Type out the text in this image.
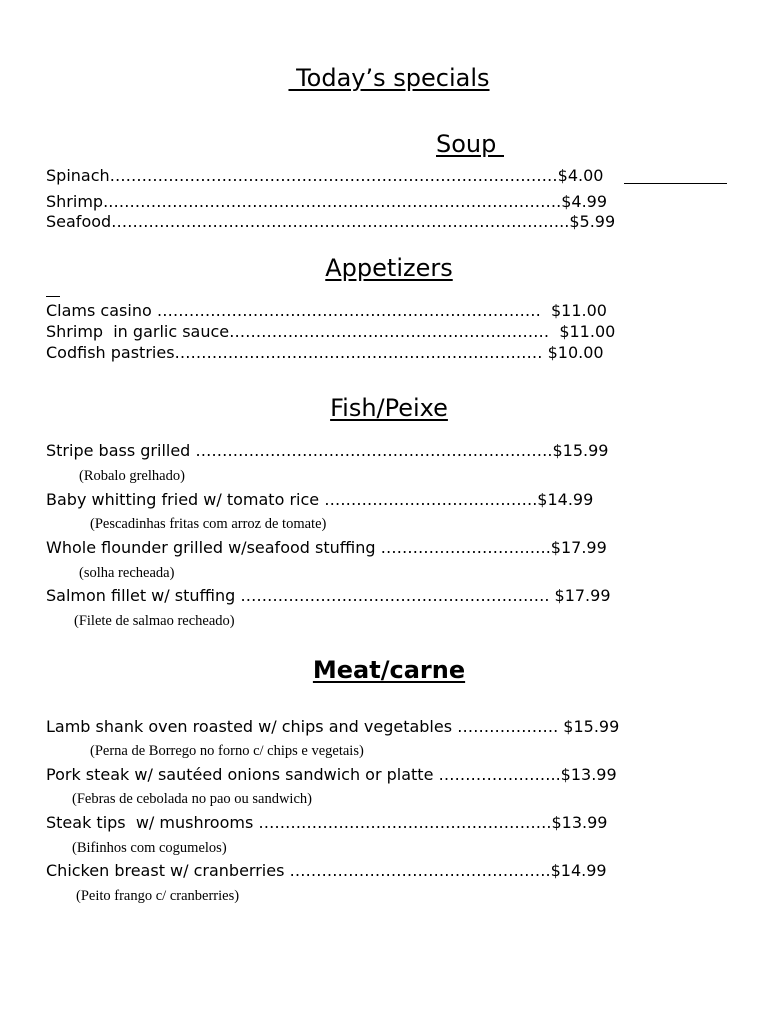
Today’s specials
Soup
Spinach…………………………………………………………………………$4.00
Shrimp.………………………………………………………………………….$4.99
Seafood…………………………………………………………………………..$5.99
Appetizers
Clams casino ………………………………………………………………  $11.00
Shrimp  in garlic sauce……………………………………………………  $11.00
Codfish pastries…………………………………………………………… $10.00
Fish/Peixe
Stripe bass grilled ………………………………………………………….$15.99
(Robalo grelhado)
Baby whitting fried w/ tomato rice ………………………………….$14.99
(Pescadinhas fritas com arroz de tomate)
Whole flounder grilled w/seafood stuffing ……………………….….$17.99
(solha recheada)
Salmon fillet w/ stuffing …………………………………………………. $17.99
(Filete de salmao recheado)
Meat/carne
Lamb shank oven roasted w/ chips and vegetables ………………. $15.99
(Perna de Borrego no forno c/ chips e vegetais)
Pork steak w/ sautéed onions sandwich or platte …………………..$13.99
(Febras de cebolada no pao ou sandwich)
Steak tips  w/ mushrooms ……………………………………………….$13.99
(Bifinhos com cogumelos)
Chicken breast w/ cranberries ………………………………………….$14.99
(Peito frango c/ cranberries)
